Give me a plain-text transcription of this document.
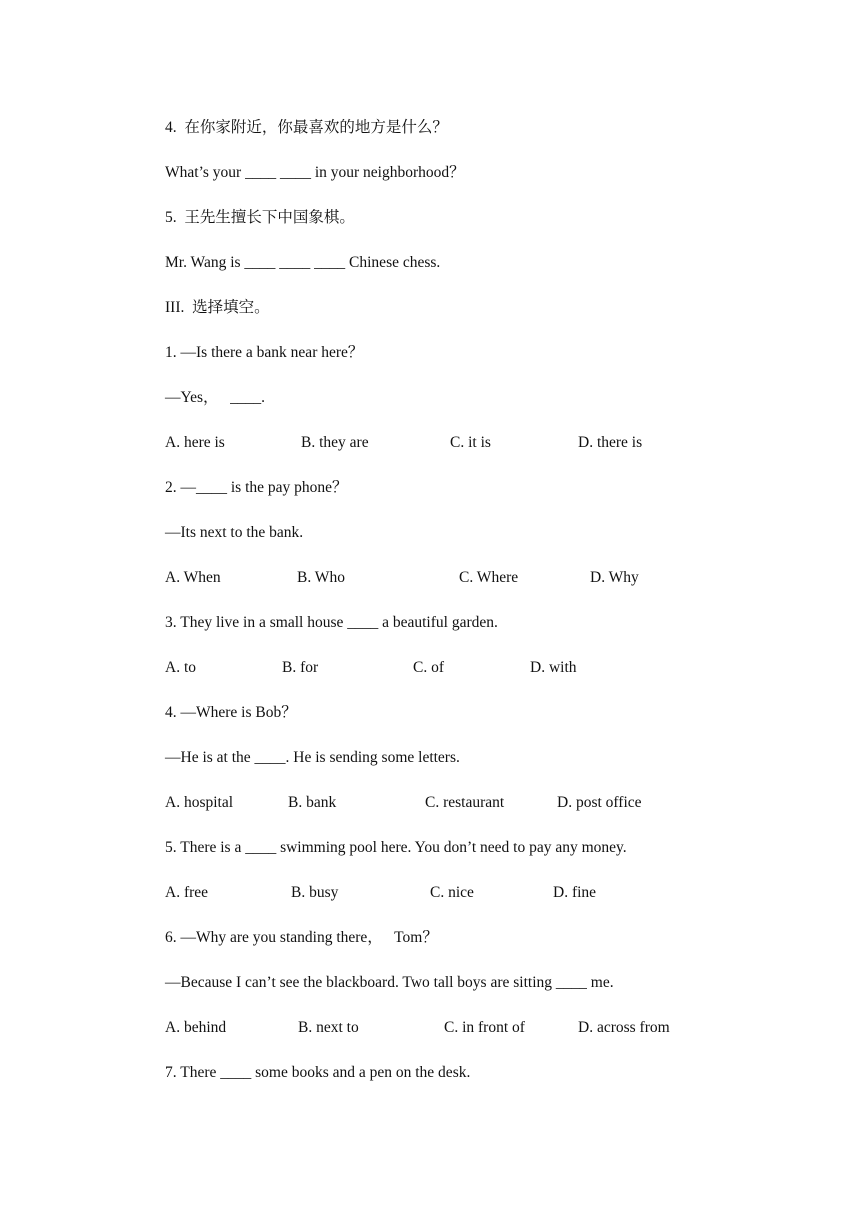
4.  在你家附近，你最喜欢的地方是什么？
What’s your ____ ____ in your neighborhood？
5.  王先生擅长下中国象棋。
Mr. Wang is ____ ____ ____ Chinese chess.
III.  选择填空。
1. —Is there a bank near here？
—Yes，   ____.
A. here is	B. they are	C. it is	D. there is
2. —____ is the pay phone？
—Its next to the bank.
A. When	B. Who	C. Where	D. Why
3. They live in a small house ____ a beautiful garden.
A. to	B. for	C. of	D. with
4. —Where is Bob？
—He is at the ____. He is sending some letters.
A. hospital	B. bank	C. restaurant	D. post office
5. There is a ____ swimming pool here. You don’t need to pay any money.
A. free	B. busy	C. nice	D. fine
6. —Why are you standing there，   Tom？
—Because I can’t see the blackboard. Two tall boys are sitting ____ me.
A. behind	B. next to	C. in front of	D. across from
7. There ____ some books and a pen on the desk.
